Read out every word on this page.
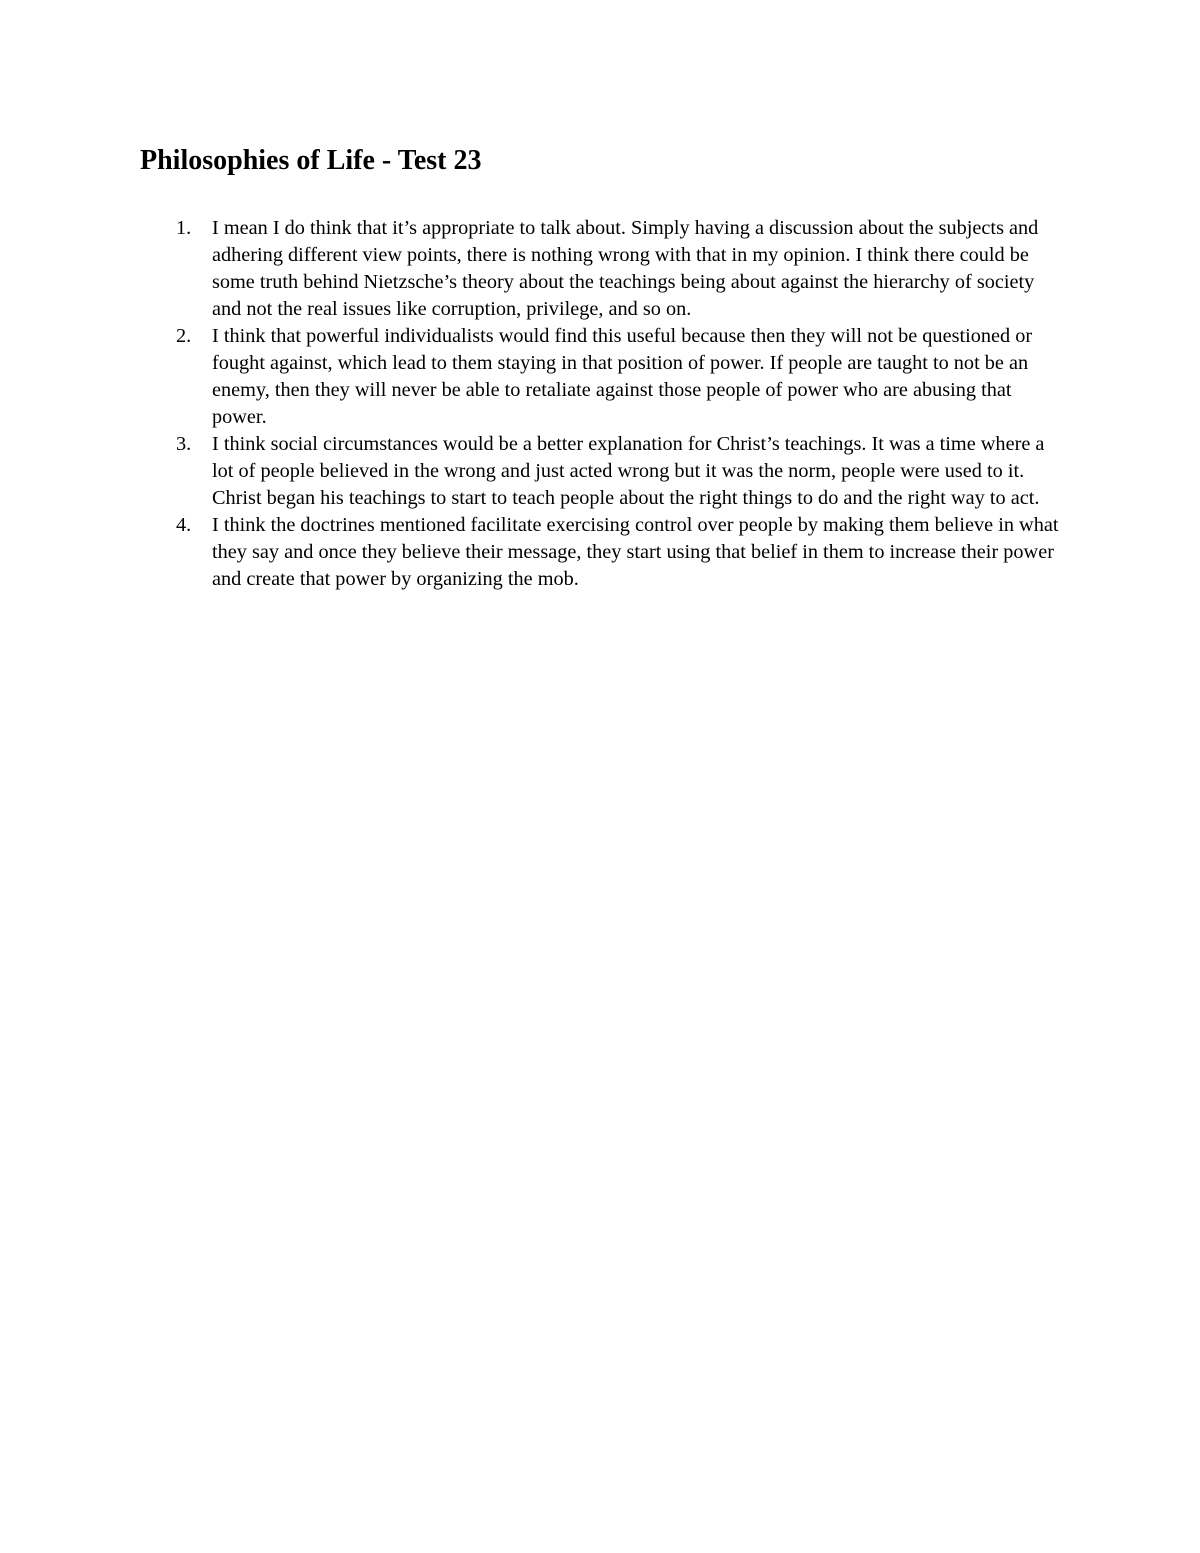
Philosophies of Life - Test 23
1.	I mean I do think that it’s appropriate to talk about. Simply having a discussion about the subjects and adhering different view points, there is nothing wrong with that in my opinion. I think there could be some truth behind Nietzsche’s theory about the teachings being about against the hierarchy of society and not the real issues like corruption, privilege, and so on.
2.	I think that powerful individualists would find this useful because then they will not be questioned or fought against, which lead to them staying in that position of power. If people are taught to not be an enemy, then they will never be able to retaliate against those people of power who are abusing that power.
3.	I think social circumstances would be a better explanation for Christ’s teachings. It was a time where a lot of people believed in the wrong and just acted wrong but it was the norm, people were used to it. Christ began his teachings to start to teach people about the right things to do and the right way to act.
4.	I think the doctrines mentioned facilitate exercising control over people by making them believe in what they say and once they believe their message, they start using that belief in them to increase their power and create that power by organizing the mob.
